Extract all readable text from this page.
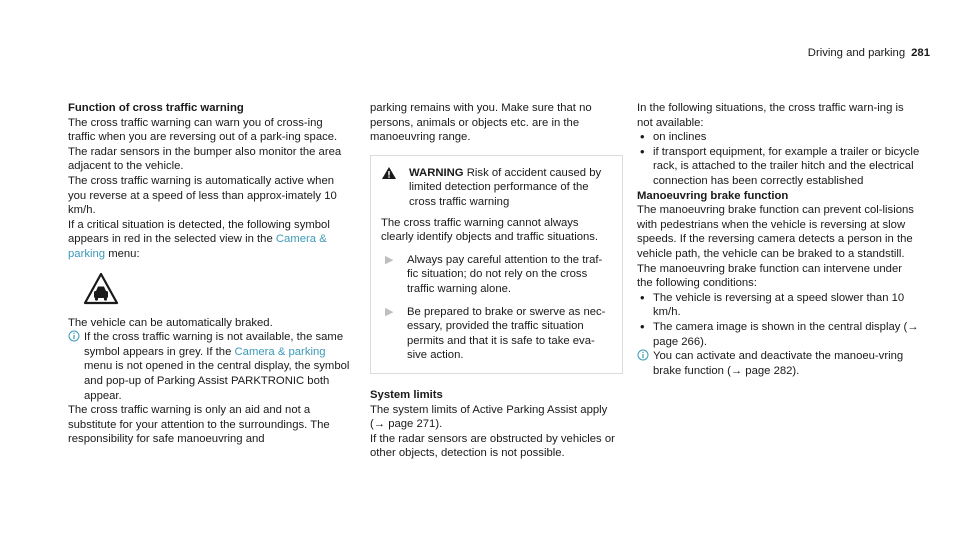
Driving and parking 281

Function of cross traffic warning

The cross traffic warning can warn you of cross-ing traffic when you are reversing out of a park-ing space. The radar sensors in the bumper also monitor the area adjacent to the vehicle.

The cross traffic warning is automatically active when you reverse at a speed of less than approx-imately 10 km/h.

If a critical situation is detected, the following symbol appears in red in the selected view in the Camera & parking menu:

The vehicle can be automatically braked.

If the cross traffic warning is not available, the same symbol appears in grey. If the Camera & parking menu is not opened in the central display, the symbol and pop-up of Parking Assist PARKTRONIC both appear.

The cross traffic warning is only an aid and not a substitute for your attention to the surroundings. The responsibility for safe manoeuvring and

parking remains with you. Make sure that no persons, animals or objects etc. are in the manoeuvring range.

WARNING Risk of accident caused by limited detection performance of the cross traffic warning

The cross traffic warning cannot always clearly identify objects and traffic situations.

▶	Always pay careful attention to the traf-fic situation; do not rely on the cross traffic warning alone.

▶	Be prepared to brake or swerve as nec-essary, provided the traffic situation permits and that it is safe to take eva-sive action.

System limits

The system limits of Active Parking Assist apply (→ page 271).

If the radar sensors are obstructed by vehicles or other objects, detection is not possible.

In the following situations, the cross traffic warn-ing is not available:

• on inclines
• if transport equipment, for example a trailer or bicycle rack, is attached to the trailer hitch and the electrical connection has been correctly established

Manoeuvring brake function

The manoeuvring brake function can prevent col-lisions with pedestrians when the vehicle is reversing at slow speeds. If the reversing camera detects a person in the vehicle path, the vehicle can be braked to a standstill.

The manoeuvring brake function can intervene under the following conditions:

• The vehicle is reversing at a speed slower than 10 km/h.
• The camera image is shown in the central display (→ page 266).

You can activate and deactivate the manoeu-vring brake function (→ page 282).
